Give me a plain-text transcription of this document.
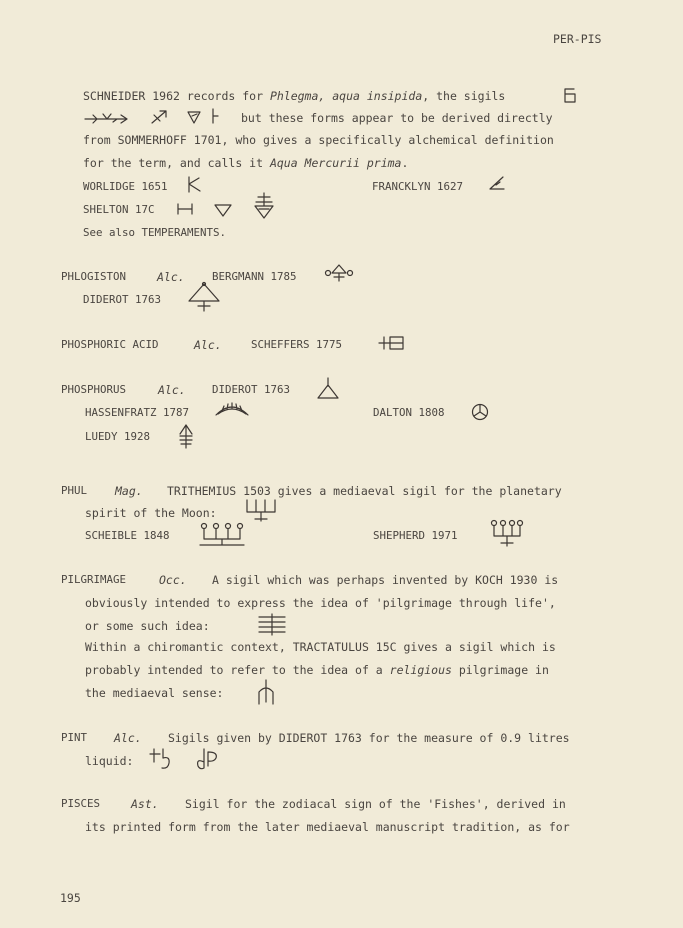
PER-PIS
SCHNEIDER 1962 records for Phlegma, aqua insipida, the sigils
but these forms appear to be derived directly
from SOMMERHOFF 1701, who gives a specifically alchemical definition
for the term, and calls it Aqua Mercurii prima.
WORLIDGE 1651	FRANCKLYN 1627
SHELTON 17C
See also TEMPERAMENTS.
PHLOGISTON	Alc.	BERGMANN 1785
DIDEROT 1763
PHOSPHORIC ACID	Alc.	SCHEFFERS 1775
PHOSPHORUS	Alc. DIDEROT 1763
HASSENFRATZ 1787	DALTON 1808
LUEDY 1928
PHUL Mag. TRITHEMIUS 1503 gives a mediaeval sigil for the planetary
spirit of the Moon:
SCHEIBLE 1848	SHEPHERD 1971
PILGRIMAGE	Occ. A sigil which was perhaps invented by KOCH 1930 is
obviously intended to express the idea of 'pilgrimage through life',
or some such idea:
Within a chiromantic context, TRACTATULUS 15C gives a sigil which is
probably intended to refer to the idea of a religious pilgrimage in
the mediaeval sense:
PINT Alc. Sigils given by DIDEROT 1763 for the measure of 0.9 litres
liquid:
PISCES	Ast. Sigil for the zodiacal sign of the 'Fishes', derived in
its printed form from the later mediaeval manuscript tradition, as for
195
